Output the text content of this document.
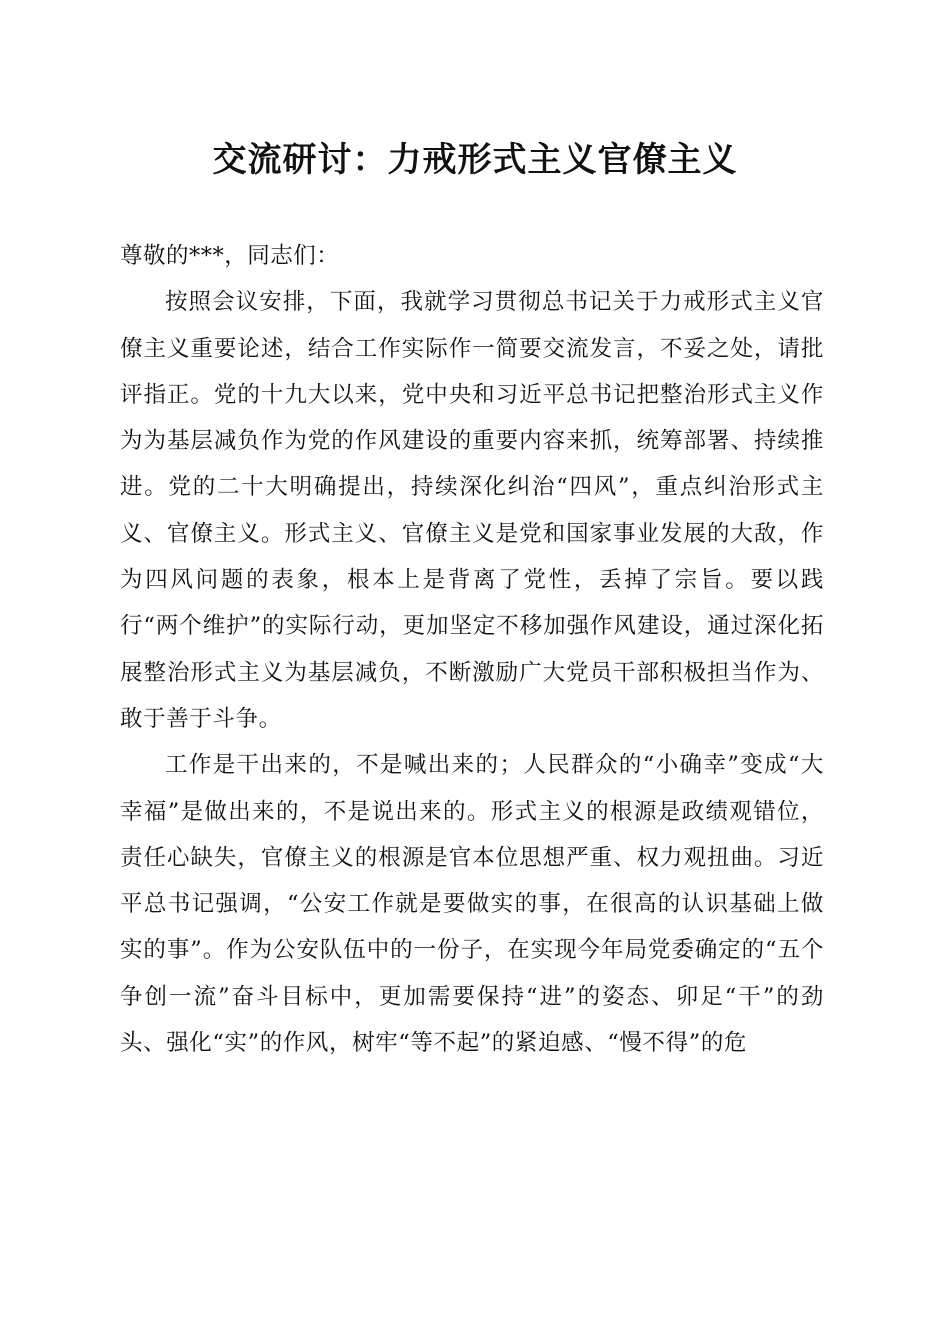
交流研讨：力戒形式主义官僚主义

尊敬的***，同志们：

按照会议安排，下面，我就学习贯彻总书记关于力戒形式主义官僚主义重要论述，结合工作实际作一简要交流发言，不妥之处，请批评指正。党的十九大以来，党中央和习近平总书记把整治形式主义作为为基层减负作为党的作风建设的重要内容来抓，统筹部署、持续推进。党的二十大明确提出，持续深化纠治“四风”，重点纠治形式主义、官僚主义。形式主义、官僚主义是党和国家事业发展的大敌，作为四风问题的表象，根本上是背离了党性，丢掉了宗旨。要以践行“两个维护”的实际行动，更加坚定不移加强作风建设，通过深化拓展整治形式主义为基层减负，不断激励广大党员干部积极担当作为、敢于善于斗争。

工作是干出来的，不是喊出来的；人民群众的“小确幸”变成“大幸福”是做出来的，不是说出来的。形式主义的根源是政绩观错位，责任心缺失，官僚主义的根源是官本位思想严重、权力观扭曲。习近平总书记强调，“公安工作就是要做实的事，在很高的认识基础上做实的事”。作为公安队伍中的一份子，在实现今年局党委确定的“五个争创一流”奋斗目标中，更加需要保持“进”的姿态、卯足“干”的劲头、强化“实”的作风，树牢“等不起”的紧迫感、“慢不得”的危
